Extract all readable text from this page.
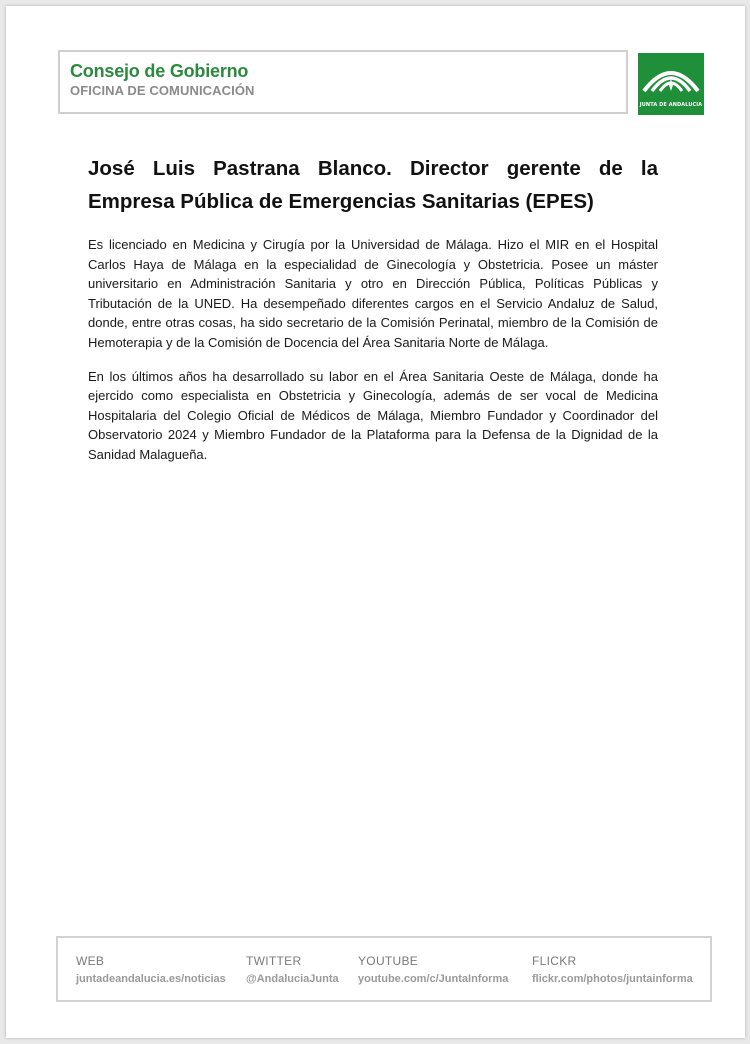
Consejo de Gobierno
OFICINA DE COMUNICACIÓN
JUNTA DE ANDALUCIA
José Luis Pastrana Blanco. Director gerente de la Empresa Pública de Emergencias Sanitarias (EPES)

Es licenciado en Medicina y Cirugía por la Universidad de Málaga. Hizo el MIR en el Hospital Carlos Haya de Málaga en la especialidad de Ginecología y Obstetricia. Posee un máster universitario en Administración Sanitaria y otro en Dirección Pública, Políticas Públicas y Tributación de la UNED. Ha desempeñado diferentes cargos en el Servicio Andaluz de Salud, donde, entre otras cosas, ha sido secretario de la Comisión Perinatal, miembro de la Comisión de Hemoterapia y de la Comisión de Docencia del Área Sanitaria Norte de Málaga.

En los últimos años ha desarrollado su labor en el Área Sanitaria Oeste de Málaga, donde ha ejercido como especialista en Obstetricia y Ginecología, además de ser vocal de Medicina Hospitalaria del Colegio Oficial de Médicos de Málaga, Miembro Fundador y Coordinador del Observatorio 2024 y Miembro Fundador de la Plataforma para la Defensa de la Dignidad de la Sanidad Malagueña.

WEB
juntadeandalucia.es/noticias
TWITTER
@AndaluciaJunta
YOUTUBE
youtube.com/c/JuntaInforma
FLICKR
flickr.com/photos/juntainforma
